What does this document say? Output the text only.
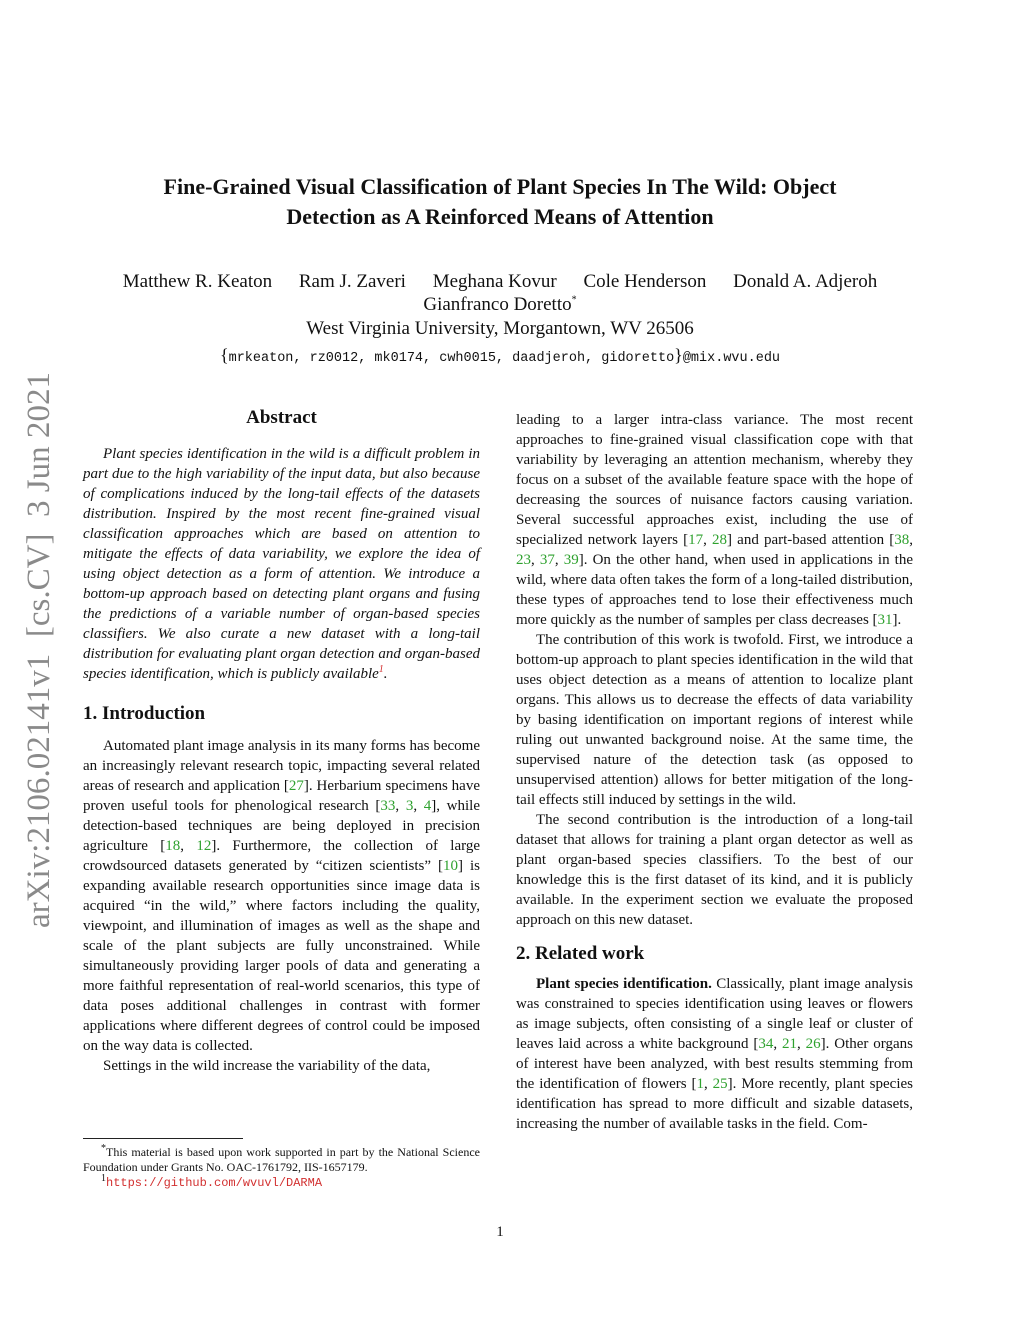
arXiv:2106.02141v1  [cs.CV]  3 Jun 2021
Fine-Grained Visual Classification of Plant Species In The Wild: Object
Detection as A Reinforced Means of Attention
Matthew R. Keaton Ram J. Zaveri Meghana Kovur Cole Henderson Donald A. Adjeroh
Gianfranco Doretto*
West Virginia University, Morgantown, WV 26506
{mrkeaton, rz0012, mk0174, cwh0015, daadjeroh, gidoretto}@mix.wvu.edu
Abstract

Plant species identification in the wild is a difficult problem in part due to the high variability of the input data, but also because of complications induced by the long-tail effects of the datasets distribution. Inspired by the most recent fine-grained visual classification approaches which are based on attention to mitigate the effects of data variability, we explore the idea of using object detection as a form of attention. We introduce a bottom-up approach based on detecting plant organs and fusing the predictions of a variable number of organ-based species classifiers. We also curate a new dataset with a long-tail distribution for evaluating plant organ detection and organ-based species identification, which is publicly available$^1$.

1. Introduction

Automated plant image analysis in its many forms has become an increasingly relevant research topic, impacting several related areas of research and application [27]. Herbarium specimens have proven useful tools for phenological research [33, 3, 4], while detection-based techniques are being deployed in precision agriculture [18, 12]. Furthermore, the collection of large crowdsourced datasets generated by “citizen scientists” [10] is expanding available research opportunities since image data is acquired “in the wild,” where factors including the quality, viewpoint, and illumination of images as well as the shape and scale of the plant subjects are fully unconstrained. While simultaneously providing larger pools of data and generating a more faithful representation of real-world scenarios, this type of data poses additional challenges in contrast with former applications where different degrees of control could be imposed on the way data is collected.

Settings in the wild increase the variability of the data,

*This material is based upon work supported in part by the National Science Foundation under Grants No. OAC-1761792, IIS-1657179.

$^1$https://github.com/wvuvl/DARMA

leading to a larger intra-class variance. The most recent approaches to fine-grained visual classification cope with that variability by leveraging an attention mechanism, whereby they focus on a subset of the available feature space with the hope of decreasing the sources of nuisance factors causing variation. Several successful approaches exist, including the use of specialized network layers [17, 28] and part-based attention [38, 23, 37, 39]. On the other hand, when used in applications in the wild, where data often takes the form of a long-tailed distribution, these types of approaches tend to lose their effectiveness much more quickly as the number of samples per class decreases [31].

The contribution of this work is twofold. First, we introduce a bottom-up approach to plant species identification in the wild that uses object detection as a means of attention to localize plant organs. This allows us to decrease the effects of data variability by basing identification on important regions of interest while ruling out unwanted background noise. At the same time, the supervised nature of the detection task (as opposed to unsupervised attention) allows for better mitigation of the long-tail effects still induced by settings in the wild.

The second contribution is the introduction of a long-tail dataset that allows for training a plant organ detector as well as plant organ-based species classifiers. To the best of our knowledge this is the first dataset of its kind, and it is publicly available. In the experiment section we evaluate the proposed approach on this new dataset.

2. Related work

Plant species identification. Classically, plant image analysis was constrained to species identification using leaves or flowers as image subjects, often consisting of a single leaf or cluster of leaves laid across a white background [34, 21, 26]. Other organs of interest have been analyzed, with best results stemming from the identification of flowers [1, 25]. More recently, plant species identification has spread to more difficult and sizable datasets, increasing the number of available tasks in the field. Com-

1
